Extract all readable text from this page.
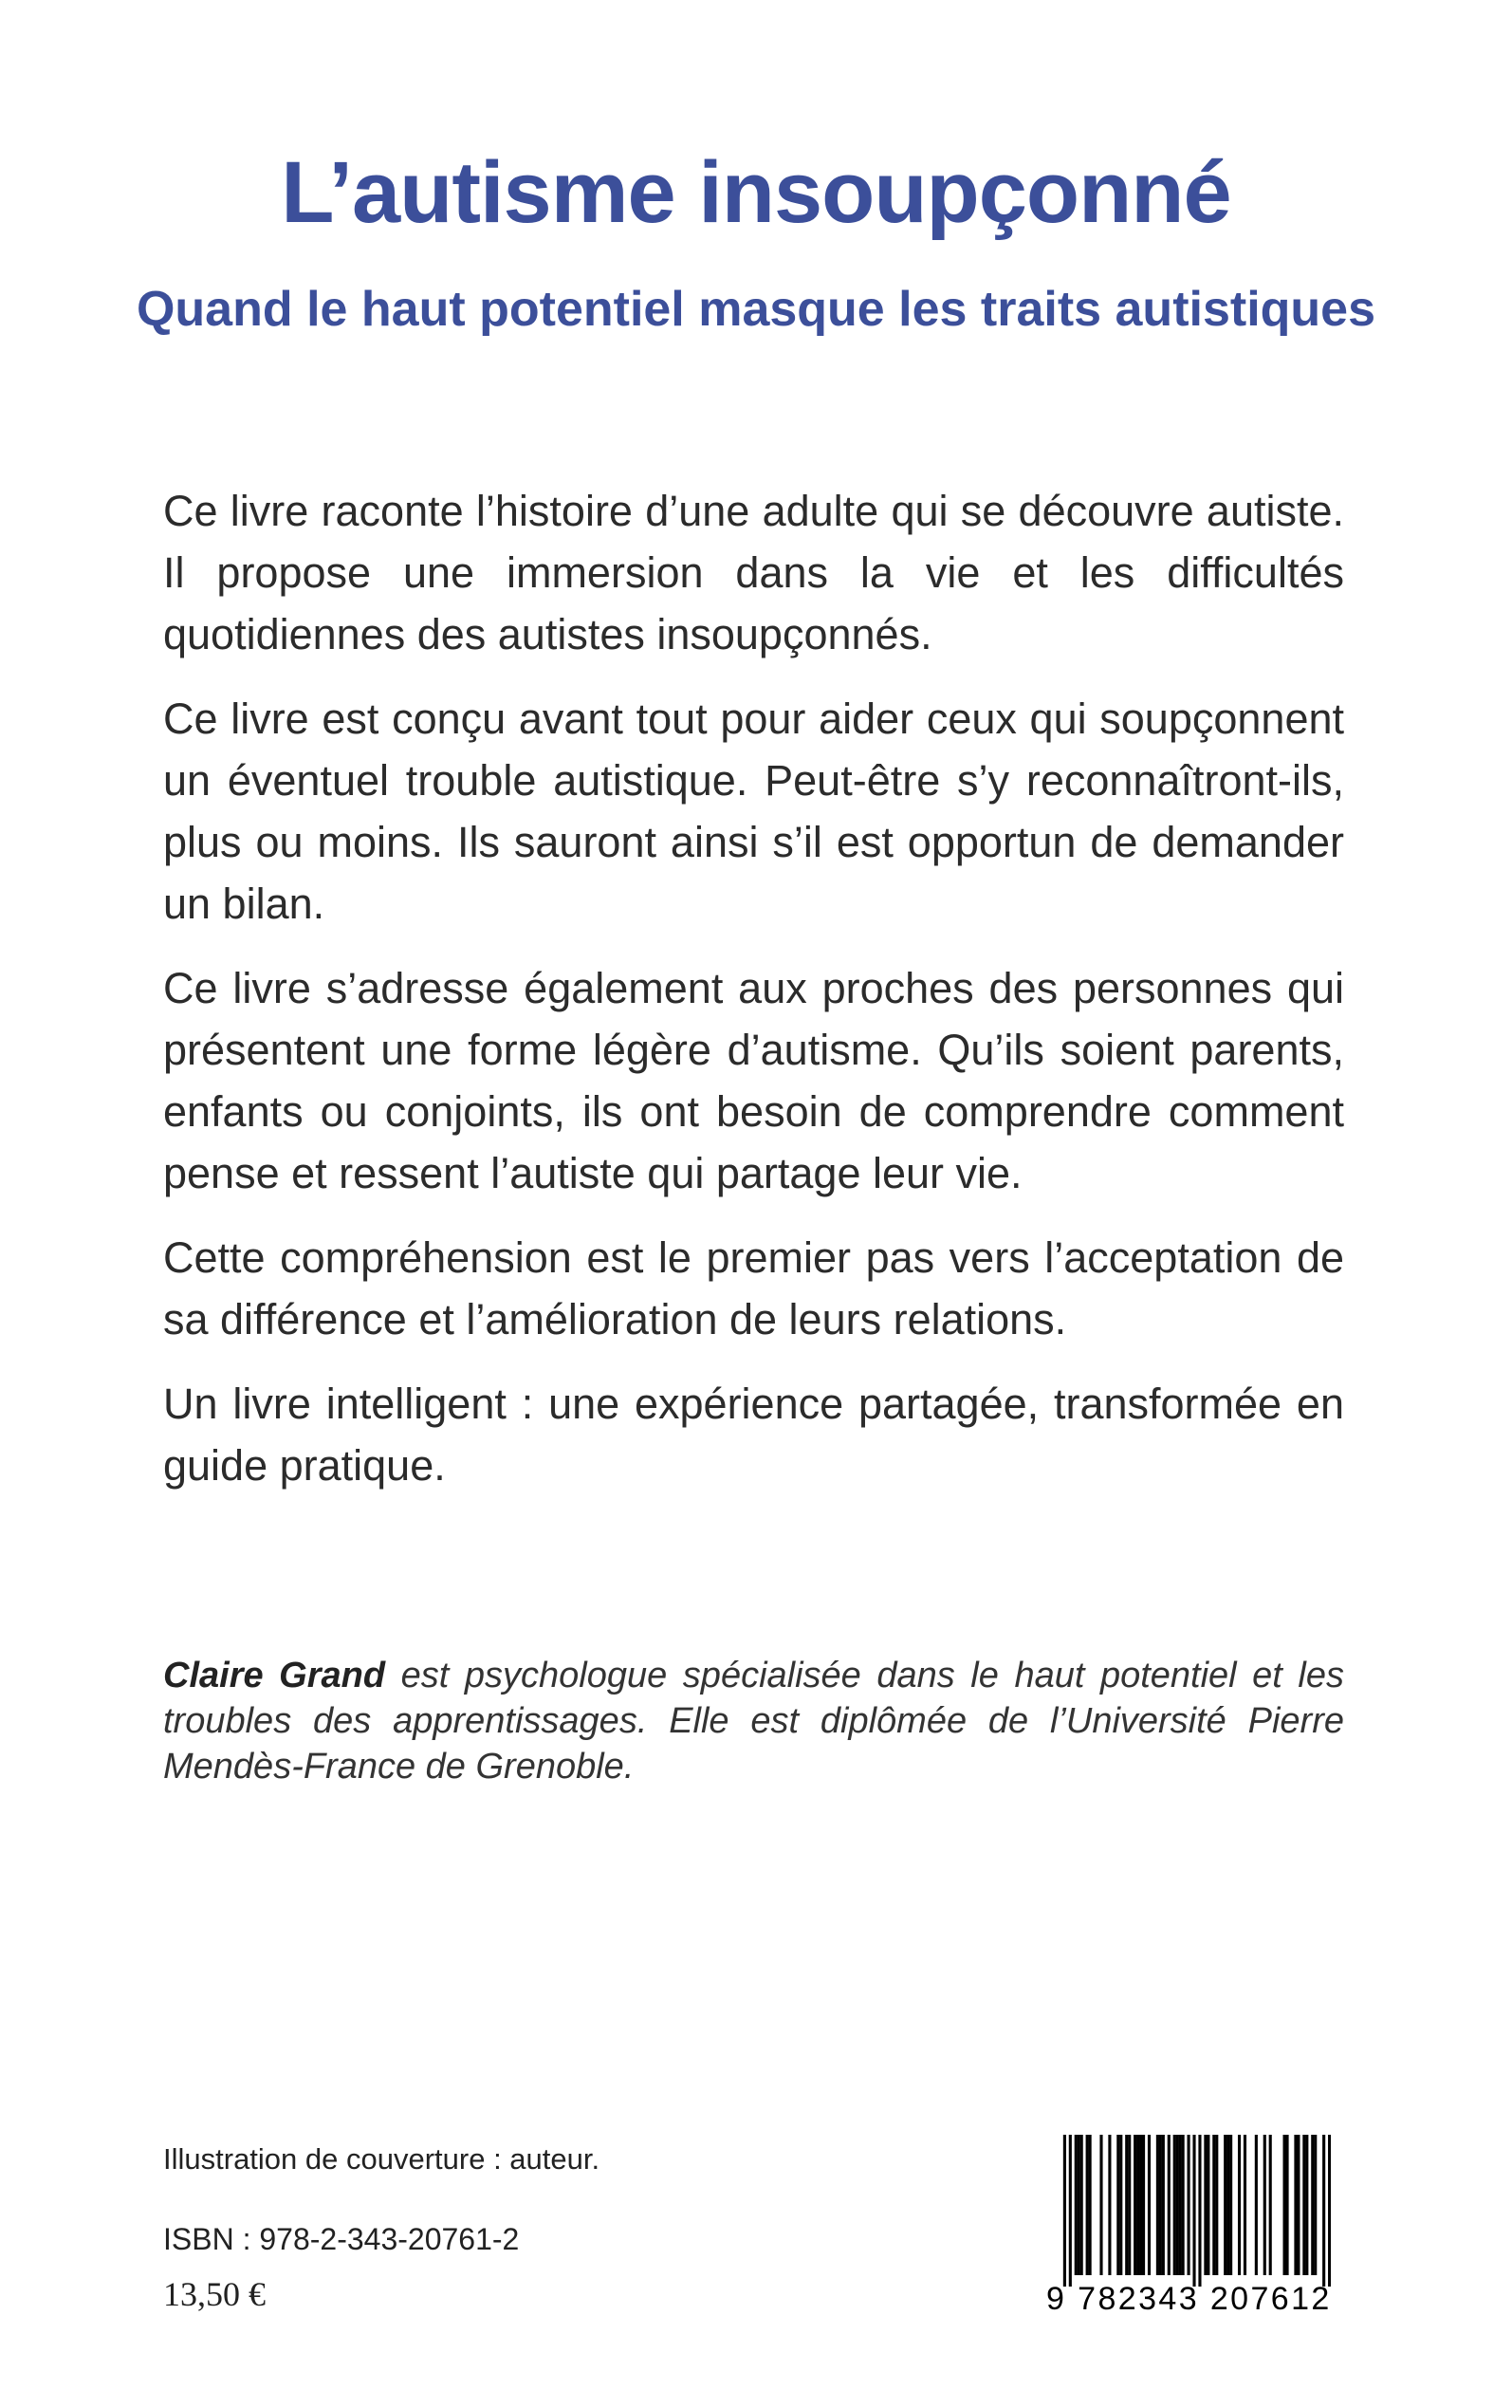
L’autisme insoupçonné
Quand le haut potentiel masque les traits autistiques

Ce livre raconte l’histoire d’une adulte qui se découvre autiste. Il propose une immersion dans la vie et les difficultés quotidiennes des autistes insoupçonnés.

Ce livre est conçu avant tout pour aider ceux qui soupçonnent un éventuel trouble autistique. Peut-être s’y reconnaîtront-ils, plus ou moins. Ils sauront ainsi s’il est opportun de demander un bilan.

Ce livre s’adresse également aux proches des personnes qui présentent une forme légère d’autisme. Qu’ils soient parents, enfants ou conjoints, ils ont besoin de comprendre comment pense et ressent l’autiste qui partage leur vie.

Cette compréhension est le premier pas vers l’acceptation de sa différence et l’amélioration de leurs relations.

Un livre intelligent : une expérience partagée, transformée en guide pratique.

Claire Grand est psychologue spécialisée dans le haut potentiel et les troubles des apprentissages. Elle est diplômée de l’Université Pierre Mendès-France de Grenoble.

Illustration de couverture : auteur.

ISBN : 978-2-343-20761-2

13,50 €	9 782343 207612
